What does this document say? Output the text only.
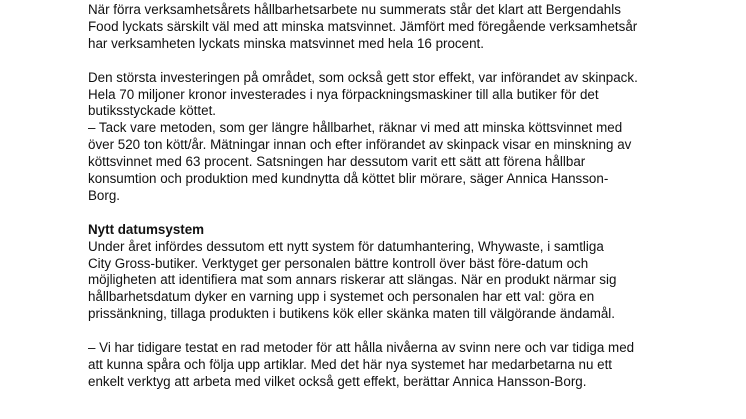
När förra verksamhetsårets hållbarhetsarbete nu summerats står det klart att Bergendahls
Food lyckats särskilt väl med att minska matsvinnet. Jämfört med föregående verksamhetsår
har verksamheten lyckats minska matsvinnet med hela 16 procent.

Den största investeringen på området, som också gett stor effekt, var införandet av skinpack.
Hela 70 miljoner kronor investerades i nya förpackningsmaskiner till alla butiker för det
butiksstyckade köttet.

– Tack vare metoden, som ger längre hållbarhet, räknar vi med att minska köttsvinnet med
över 520 ton kött/år. Mätningar innan och efter införandet av skinpack visar en minskning av
köttsvinnet med 63 procent. Satsningen har dessutom varit ett sätt att förena hållbar
konsumtion och produktion med kundnytta då köttet blir mörare, säger Annica Hansson-
Borg.

Nytt datumsystem

Under året infördes dessutom ett nytt system för datumhantering, Whywaste, i samtliga
City Gross-butiker. Verktyget ger personalen bättre kontroll över bäst före-datum och
möjligheten att identifiera mat som annars riskerar att slängas. När en produkt närmar sig
hållbarhetsdatum dyker en varning upp i systemet och personalen har ett val: göra en
prissänkning, tillaga produkten i butikens kök eller skänka maten till välgörande ändamål.

– Vi har tidigare testat en rad metoder för att hålla nivåerna av svinn nere och var tidiga med
att kunna spåra och följa upp artiklar. Med det här nya systemet har medarbetarna nu ett
enkelt verktyg att arbeta med vilket också gett effekt, berättar Annica Hansson-Borg.
